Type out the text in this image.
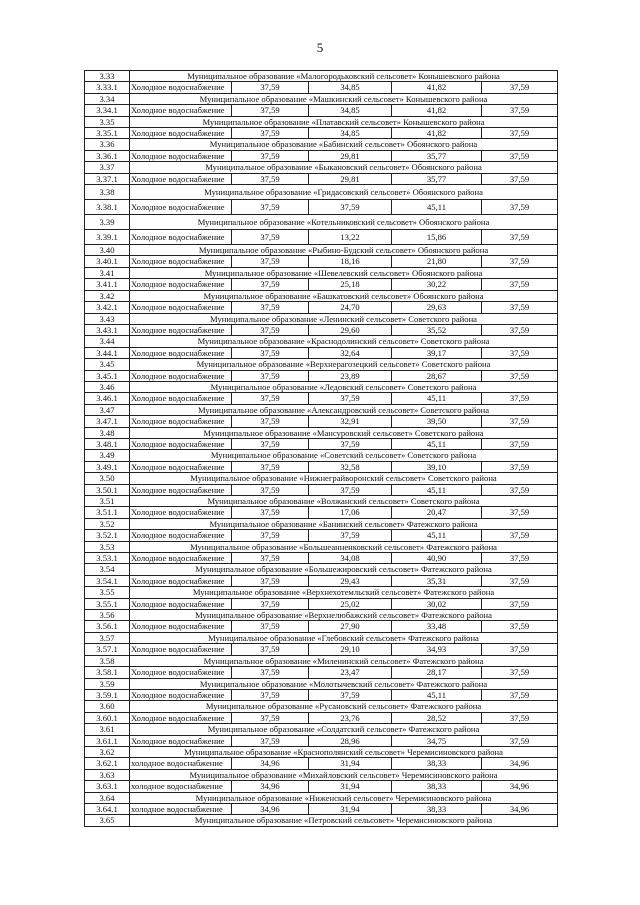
5
3.33	Муниципальное образование «Малогородьковский сельсовет» Конышевского района				
3.33.1	Холодное водоснабжение	37,59	34,85	41,82	37,59
3.34	Муниципальное образование «Машкинский сельсовет» Конышевского района				
3.34.1	Холодное водоснабжение	37,59	34,85	41,82	37,59
3.35	Муниципальное образование «Платавский сельсовет» Конышевского района				
3.35.1	Холодное водоснабжение	37,59	34,85	41,82	37,59
3.36	Муниципальное образование «Бабинский сельсовет» Обоянского района				
3.36.1	Холодное водоснабжение	37,59	29,81	35,77	37,59
3.37	Муниципальное образование «Быкановский сельсовет» Обоянского района				
3.37.1	Холодное водоснабжение	37,59	29,81	35,77	37,59
3.38	Муниципальное образование «Гридасовский сельсовет» Обоянского района				
3.38.1	Холодное водоснабжение	37,59	37,59	45,11	37,59
3.39	Муниципальное образование «Котельниковский сельсовет» Обоянского района				
3.39.1	Холодное водоснабжение	37,59	13,22	15,86	37,59
3.40	Муниципальное образование «Рыбино-Будский сельсовет» Обоянского района				
3.40.1	Холодное водоснабжение	37,59	18,16	21,80	37,59
3.41	Муниципальное образование «Шевелевский сельсовет» Обоянского района				
3.41.1	Холодное водоснабжение	37,59	25,18	30,22	37,59
3.42	Муниципальное образование «Башкатовский сельсовет» Обоянского района				
3.42.1	Холодное водоснабжение	37,59	24,70	29,63	37,59
3.43	Муниципальное образование «Ленинский сельсовет» Советского района				
3.43.1	Холодное водоснабжение	37,59	29,60	35,52	37,59
3.44	Муниципальное образование «Краснодолинский сельсовет» Советского района				
3.44.1	Холодное водоснабжение	37,59	32,64	39,17	37,59
3.45	Муниципальное образование «Верхнерагозецкий сельсовет» Советского района				
3.45.1	Холодное водоснабжение	37,59	23,89	28,67	37,59
3.46	Муниципальное образование «Ледовский сельсовет» Советского района				
3.46.1	Холодное водоснабжение	37,59	37,59	45,11	37,59
3.47	Муниципальное образование «Александровский сельсовет» Советского района				
3.47.1	Холодное водоснабжение	37,59	32,91	39,50	37,59
3.48	Муниципальное образование «Мансуровский сельсовет» Советского района				
3.48.1	Холодное водоснабжение	37,59	37,59	45,11	37,59
3.49	Муниципальное образование «Советский сельсовет» Советского района				
3.49.1	Холодное водоснабжение	37,59	32,58	39,10	37,59
3.50	Муниципальное образование «Нижнеграйворонский сельсовет» Советского района				
3.50.1	Холодное водоснабжение	37,59	37,59	45,11	37,59
3.51	Муниципальное образование «Волжанский сельсовет» Советского района				
3.51.1	Холодное водоснабжение	37,59	17,06	20,47	37,59
3.52	Муниципальное образование «Банинский сельсовет» Фатежского района				
3.52.1	Холодное водоснабжение	37,59	37,59	45,11	37,59
3.53	Муниципальное образование «Большеанненковский сельсовет» Фатежского района				
3.53.1	Холодное водоснабжение	37,59	34,08	40,90	37,59
3.54	Муниципальное образование «Большежировский сельсовет» Фатежского района				
3.54.1	Холодное водоснабжение	37,59	29,43	35,31	37,59
3.55	Муниципальное образование «Верхнехотемльский сельсовет» Фатежского района				
3.55.1	Холодное водоснабжение	37,59	25,02	30,02	37,59
3.56	Муниципальное образование «Верхнелюбажский сельсовет» Фатежского района				
3.56.1	Холодное водоснабжение	37,59	27,90	33,48	37,59
3.57	Муниципальное образование «Глебовский сельсовет» Фатежского района				
3.57.1	Холодное водоснабжение	37,59	29,10	34,93	37,59
3.58	Муниципальное образование «Миленинский сельсовет» Фатежского района				
3.58.1	Холодное водоснабжение	37,59	23,47	28,17	37,59
3.59	Муниципальное образование «Молотычевский сельсовет» Фатежского района				
3.59.1	Холодное водоснабжение	37,59	37,59	45,11	37,59
3.60	Муниципальное образование «Русановский сельсовет» Фатежского района				
3.60.1	Холодное водоснабжение	37,59	23,76	28,52	37,59
3.61	Муниципальное образование «Солдатский сельсовет» Фатежского района				
3.61.1	Холодное водоснабжение	37,59	28,96	34,75	37,59
3.62	Муниципальное образование «Краснополянский сельсовет» Черемисиновского района				
3.62.1	холодное водоснабжение	34,96	31,94	38,33	34,96
3.63	Муниципальное образование «Михайловский сельсовет» Черемисиновского района				
3.63.1	холодное водоснабжение	34,96	31,94	38,33	34,96
3.64	Муниципальное образование «Ниженский сельсовет» Черемисиновского района				
3.64.1	холодное водоснабжение	34,96	31,94	38,33	34,96
3.65	Муниципальное образование «Петровский сельсовет» Черемисиновского района				
